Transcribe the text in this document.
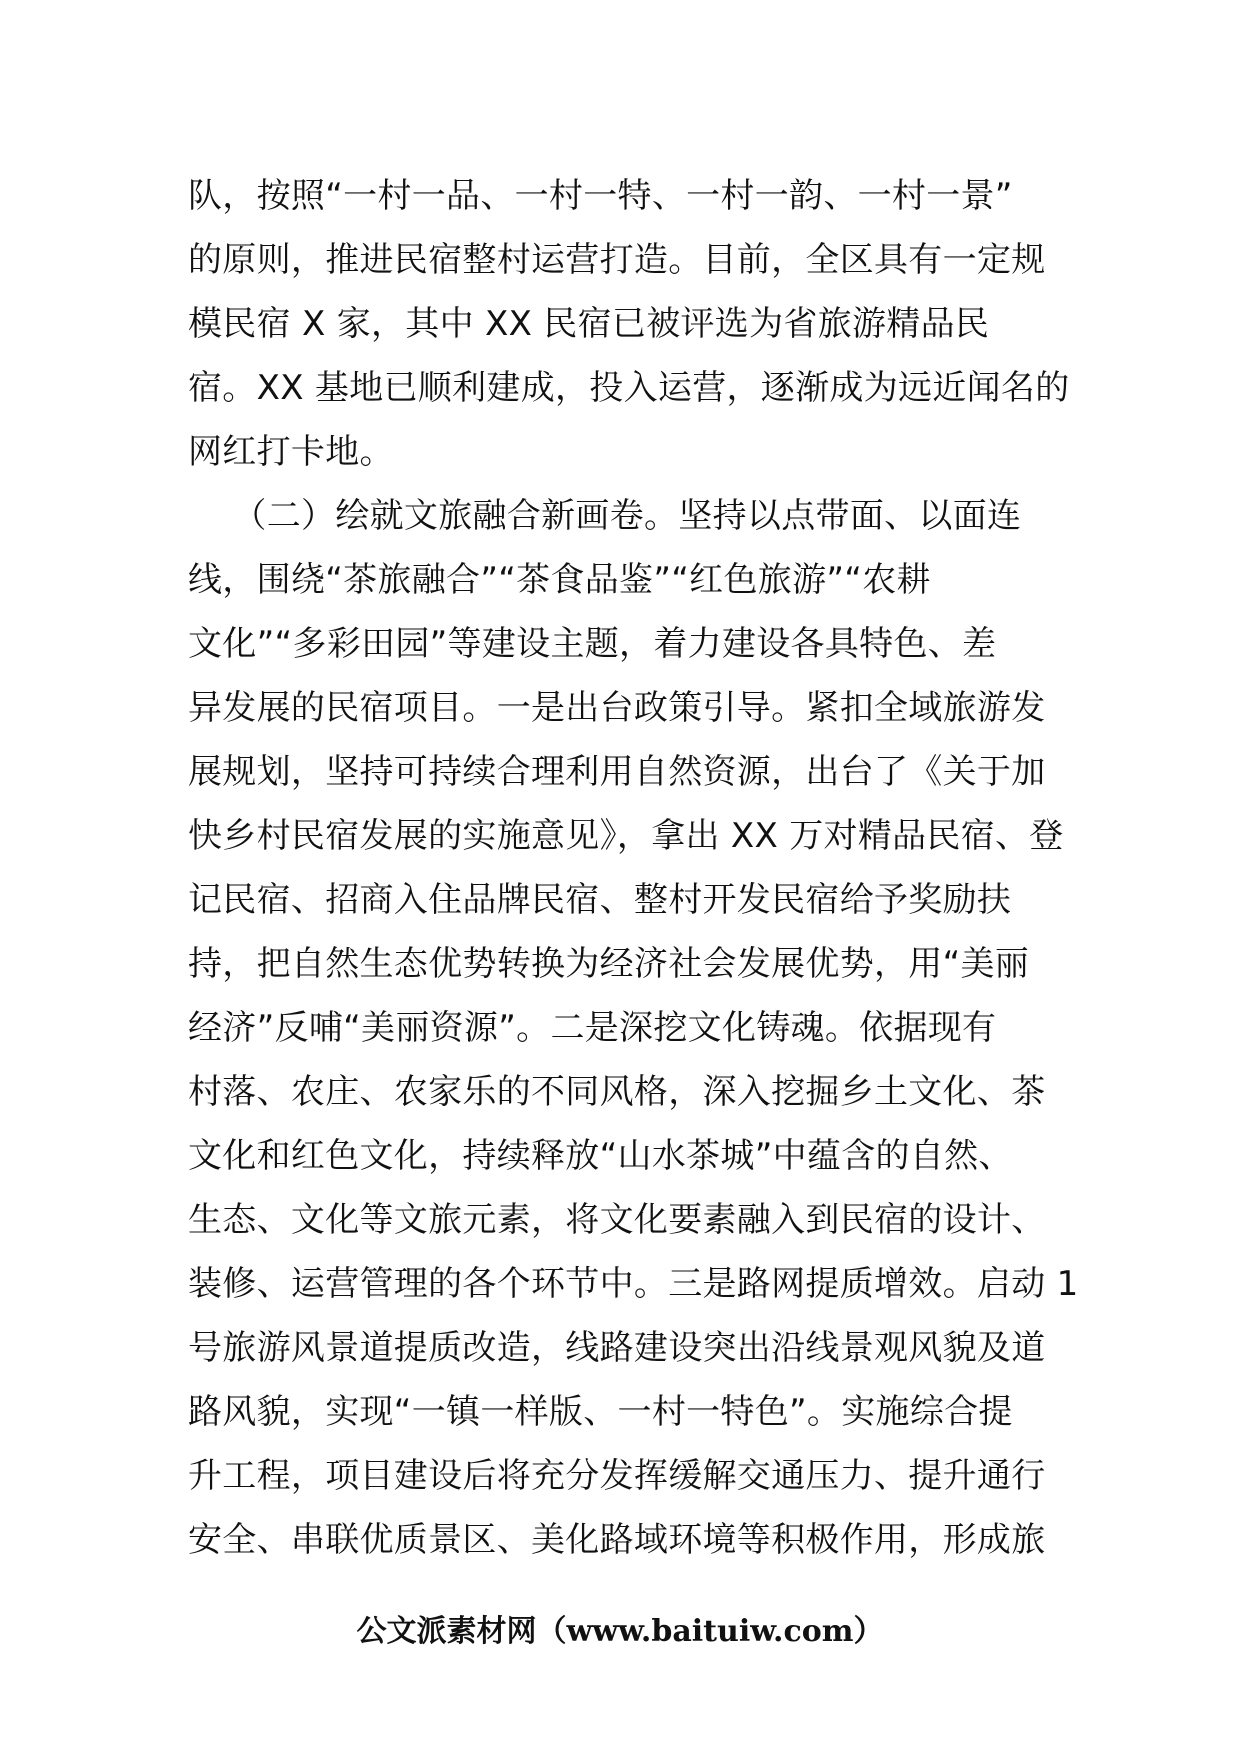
队，按照“一村一品、一村一特、一村一韵、一村一景”
的原则，推进民宿整村运营打造。目前，全区具有一定规
模民宿 X 家，其中 XX 民宿已被评选为省旅游精品民
宿。XX 基地已顺利建成，投入运营，逐渐成为远近闻名的
网红打卡地。
（二）绘就文旅融合新画卷。坚持以点带面、以面连
线，围绕“茶旅融合”“茶食品鉴”“红色旅游”“农耕
文化”“多彩田园”等建设主题，着力建设各具特色、差
异发展的民宿项目。一是出台政策引导。紧扣全域旅游发
展规划，坚持可持续合理利用自然资源，出台了《关于加
快乡村民宿发展的实施意见》，拿出 XX 万对精品民宿、登
记民宿、招商入住品牌民宿、整村开发民宿给予奖励扶
持，把自然生态优势转换为经济社会发展优势，用“美丽
经济”反哺“美丽资源”。二是深挖文化铸魂。依据现有
村落、农庄、农家乐的不同风格，深入挖掘乡土文化、茶
文化和红色文化，持续释放“山水茶城”中蕴含的自然、
生态、文化等文旅元素，将文化要素融入到民宿的设计、
装修、运营管理的各个环节中。三是路网提质增效。启动 1
号旅游风景道提质改造，线路建设突出沿线景观风貌及道
路风貌，实现“一镇一样版、一村一特色”。实施综合提
升工程，项目建设后将充分发挥缓解交通压力、提升通行
安全、串联优质景区、美化路域环境等积极作用，形成旅
公文派素材网（www.baituiw.com）
